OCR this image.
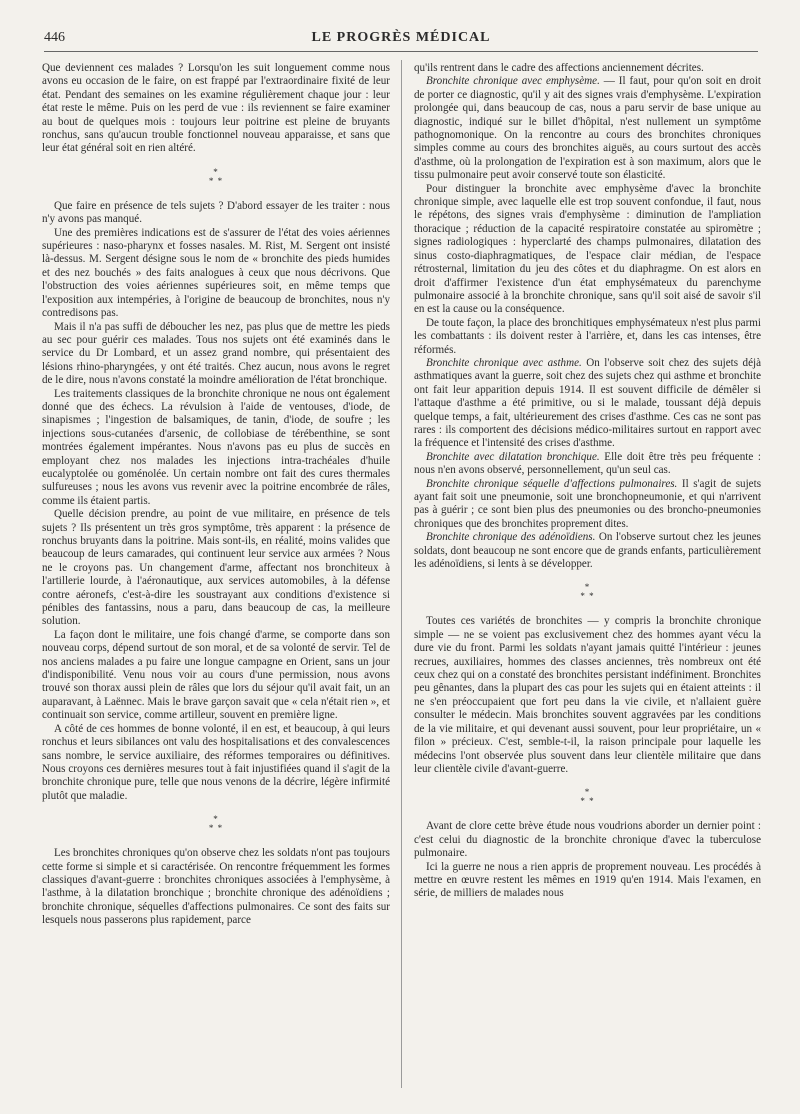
446	LE PROGRÈS MÉDICAL

Que deviennent ces malades ? Lorsqu'on les suit longuement comme nous avons eu occasion de le faire, on est frappé par l'extraordinaire fixité de leur état. Pendant des semaines on les examine régulièrement chaque jour : leur état reste le même. Puis on les perd de vue : ils reviennent se faire examiner au bout de quelques mois : toujours leur poitrine est pleine de bruyants ronchus, sans qu'aucun trouble fonctionnel nouveau apparaisse, et sans que leur état général soit en rien altéré.

*
* *

Que faire en présence de tels sujets ? D'abord essayer de les traiter : nous n'y avons pas manqué.

Une des premières indications est de s'assurer de l'état des voies aériennes supérieures : naso-pharynx et fosses nasales. M. Rist, M. Sergent ont insisté là-dessus. M. Sergent désigne sous le nom de « bronchite des pieds humides et des nez bouchés » des faits analogues à ceux que nous décrivons. Que l'obstruction des voies aériennes supérieures soit, en même temps que l'exposition aux intempéries, à l'origine de beaucoup de bronchites, nous n'y contredisons pas.

Mais il n'a pas suffi de déboucher les nez, pas plus que de mettre les pieds au sec pour guérir ces malades. Tous nos sujets ont été examinés dans le service du Dr Lombard, et un assez grand nombre, qui présentaient des lésions rhino-pharyngées, y ont été traités. Chez aucun, nous avons le regret de le dire, nous n'avons constaté la moindre amélioration de l'état bronchique.

Les traitements classiques de la bronchite chronique ne nous ont également donné que des échecs. La révulsion à l'aide de ventouses, d'iode, de sinapismes ; l'ingestion de balsamiques, de tanin, d'iode, de soufre ; les injections sous-cutanées d'arsenic, de collobiase de térébenthine, se sont montrées également impérantes. Nous n'avons pas eu plus de succès en employant chez nos malades les injections intra-trachéales d'huile eucalyptolée ou goménolée. Un certain nombre ont fait des cures thermales sulfureuses ; nous les avons vus revenir avec la poitrine encombrée de râles, comme ils étaient partis.

Quelle décision prendre, au point de vue militaire, en présence de tels sujets ? Ils présentent un très gros symptôme, très apparent : la présence de ronchus bruyants dans la poitrine. Mais sont-ils, en réalité, moins valides que beaucoup de leurs camarades, qui continuent leur service aux armées ? Nous ne le croyons pas. Un changement d'arme, affectant nos bronchiteux à l'artillerie lourde, à l'aéronautique, aux services automobiles, à la défense contre aéronefs, c'est-à-dire les soustrayant aux conditions d'existence si pénibles des fantassins, nous a paru, dans beaucoup de cas, la meilleure solution.

La façon dont le militaire, une fois changé d'arme, se comporte dans son nouveau corps, dépend surtout de son moral, et de sa volonté de servir. Tel de nos anciens malades a pu faire une longue campagne en Orient, sans un jour d'indisponibilité. Venu nous voir au cours d'une permission, nous avons trouvé son thorax aussi plein de râles que lors du séjour qu'il avait fait, un an auparavant, à Laënnec. Mais le brave garçon savait que « cela n'était rien », et continuait son service, comme artilleur, souvent en première ligne.

A côté de ces hommes de bonne volonté, il en est, et beaucoup, à qui leurs ronchus et leurs sibilances ont valu des hospitalisations et des convalescences sans nombre, le service auxiliaire, des réformes temporaires ou définitives. Nous croyons ces dernières mesures tout à fait injustifiées quand il s'agit de la bronchite chronique pure, telle que nous venons de la décrire, légère infirmité plutôt que maladie.

*
* *

Les bronchites chroniques qu'on observe chez les soldats n'ont pas toujours cette forme si simple et si caractérisée. On rencontre fréquemment les formes classiques d'avant-guerre : bronchites chroniques associées à l'emphysème, à l'asthme, à la dilatation bronchique ; bronchite chronique des adénoïdiens ; bronchite chronique, séquelles d'affections pulmonaires. Ce sont des faits sur lesquels nous passerons plus rapidement, parce

qu'ils rentrent dans le cadre des affections anciennement décrites.

Bronchite chronique avec emphysème. — Il faut, pour qu'on soit en droit de porter ce diagnostic, qu'il y ait des signes vrais d'emphysème. L'expiration prolongée qui, dans beaucoup de cas, nous a paru servir de base unique au diagnostic, indiqué sur le billet d'hôpital, n'est nullement un symptôme pathognomonique. On la rencontre au cours des bronchites chroniques simples comme au cours des bronchites aiguës, au cours surtout des accès d'asthme, où la prolongation de l'expiration est à son maximum, alors que le tissu pulmonaire peut avoir conservé toute son élasticité.

Pour distinguer la bronchite avec emphysème d'avec la bronchite chronique simple, avec laquelle elle est trop souvent confondue, il faut, nous le répétons, des signes vrais d'emphysème : diminution de l'ampliation thoracique ; réduction de la capacité respiratoire constatée au spiromètre ; signes radiologiques : hyperclarté des champs pulmonaires, dilatation des sinus costo-diaphragmatiques, de l'espace clair médian, de l'espace rétrosternal, limitation du jeu des côtes et du diaphragme. On est alors en droit d'affirmer l'existence d'un état emphysémateux du parenchyme pulmonaire associé à la bronchite chronique, sans qu'il soit aisé de savoir s'il en est la cause ou la conséquence.

De toute façon, la place des bronchitiques emphysémateux n'est plus parmi les combattants : ils doivent rester à l'arrière, et, dans les cas intenses, être réformés.

Bronchite chronique avec asthme. On l'observe soit chez des sujets déjà asthmatiques avant la guerre, soit chez des sujets chez qui asthme et bronchite ont fait leur apparition depuis 1914. Il est souvent difficile de démêler si l'attaque d'asthme a été primitive, ou si le malade, toussant déjà depuis quelque temps, a fait, ultérieurement des crises d'asthme. Ces cas ne sont pas rares : ils comportent des décisions médico-militaires surtout en rapport avec la fréquence et l'intensité des crises d'asthme.

Bronchite avec dilatation bronchique. Elle doit être très peu fréquente : nous n'en avons observé, personnellement, qu'un seul cas.

Bronchite chronique séquelle d'affections pulmonaires. Il s'agit de sujets ayant fait soit une pneumonie, soit une bronchopneumonie, et qui n'arrivent pas à guérir ; ce sont bien plus des pneumonies ou des broncho-pneumonies chroniques que des bronchites proprement dites.

Bronchite chronique des adénoïdiens. On l'observe surtout chez les jeunes soldats, dont beaucoup ne sont encore que de grands enfants, particulièrement les adénoïdiens, si lents à se développer.

*
* *

Toutes ces variétés de bronchites — y compris la bronchite chronique simple — ne se voient pas exclusivement chez des hommes ayant vécu la dure vie du front. Parmi les soldats n'ayant jamais quitté l'intérieur : jeunes recrues, auxiliaires, hommes des classes anciennes, très nombreux ont été ceux chez qui on a constaté des bronchites persistant indéfiniment. Bronchites peu gênantes, dans la plupart des cas pour les sujets qui en étaient atteints : il ne s'en préoccupaient que fort peu dans la vie civile, et n'allaient guère consulter le médecin. Mais bronchites souvent aggravées par les conditions de la vie militaire, et qui devenant aussi souvent, pour leur propriétaire, un « filon » précieux. C'est, semble-t-il, la raison principale pour laquelle les médecins l'ont observée plus souvent dans leur clientèle militaire que dans leur clientèle civile d'avant-guerre.

*
* *

Avant de clore cette brève étude nous voudrions aborder un dernier point : c'est celui du diagnostic de la bronchite chronique d'avec la tuberculose pulmonaire.

Ici la guerre ne nous a rien appris de proprement nouveau. Les procédés à mettre en œuvre restent les mêmes en 1919 qu'en 1914. Mais l'examen, en série, de milliers de malades nous
